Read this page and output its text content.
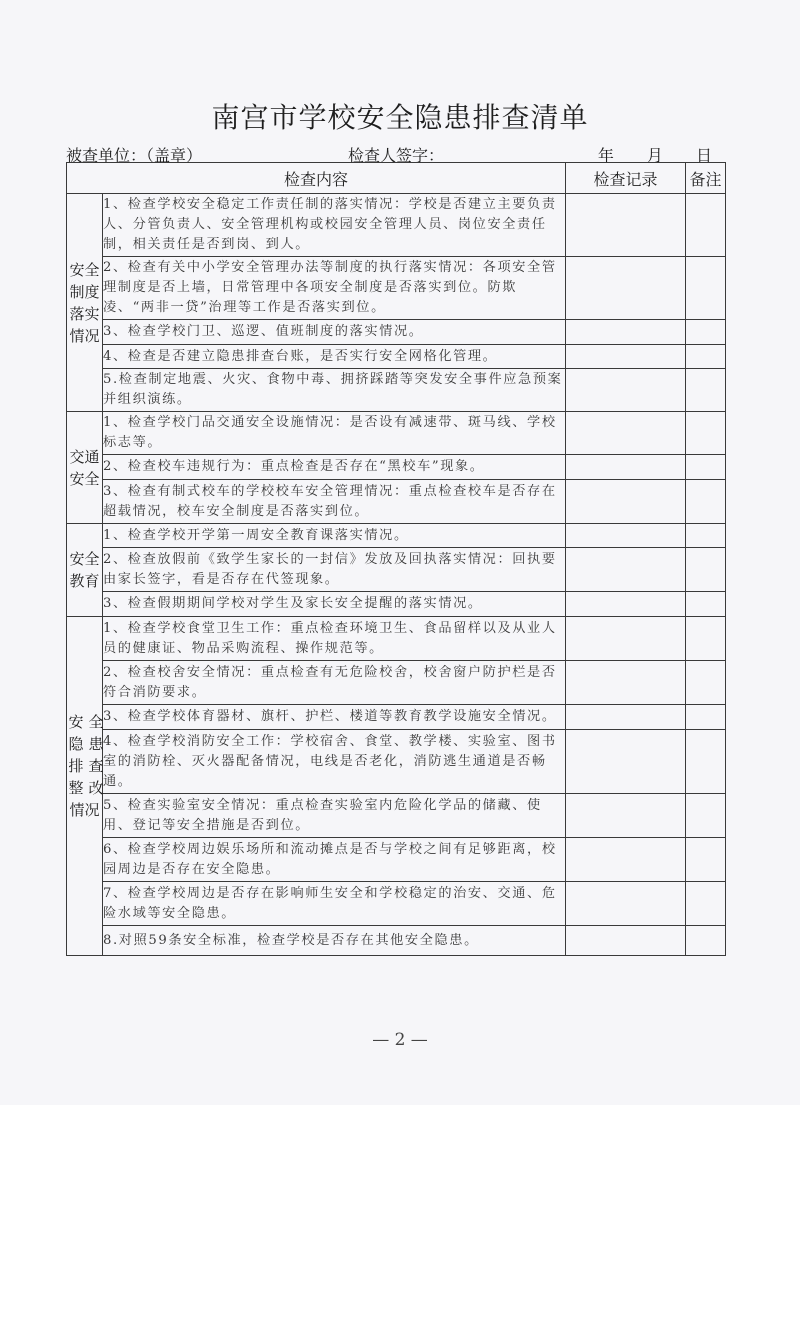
南宫市学校安全隐患排查清单
被查单位：（盖章）	检查人签字：	年 月 日
检查内容		检查记录	备注

安全
制度
落实
情况	1、检查学校安全稳定工作责任制的落实情况：学校是否建立主要负责人、分管负责人、安全管理机构或校园安全管理人员、岗位安全责任制，相关责任是否到岗、到人。		
	2、检查有关中小学安全管理办法等制度的执行落实情况：各项安全管理制度是否上墙，日常管理中各项安全制度是否落实到位。防欺凌、“两非一贷”治理等工作是否落实到位。		
	3、检查学校门卫、巡逻、值班制度的落实情况。		
	4、检查是否建立隐患排查台账，是否实行安全网格化管理。		
	5.检查制定地震、火灾、食物中毒、拥挤踩踏等突发安全事件应急预案并组织演练。		

交通
安全	1、检查学校门品交通安全设施情况：是否设有减速带、斑马线、学校标志等。		
	2、检查校车违规行为：重点检查是否存在“黑校车”现象。		
	3、检查有制式校车的学校校车安全管理情况：重点检查校车是否存在超载情况，校车安全制度是否落实到位。		

安全
教育	1、检查学校开学第一周安全教育课落实情况。		
	2、检查放假前《致学生家长的一封信》发放及回执落实情况：回执要由家长签字，看是否存在代签现象。		
	3、检查假期期间学校对学生及家长安全提醒的落实情况。		

安 全
隐 患
排 查
整 改
情况
	1、检查学校食堂卫生工作：重点检查环境卫生、食品留样以及从业人员的健康证、物品采购流程、操作规范等。		
	2、检查校舍安全情况：重点检查有无危险校舍，校舍窗户防护栏是否符合消防要求。		
	3、检查学校体育器材、旗杆、护栏、楼道等教育教学设施安全情况。		
	4、检查学校消防安全工作：学校宿舍、食堂、教学楼、实验室、图书室的消防栓、灭火器配备情况，电线是否老化，消防逃生通道是否畅通。		
	5、检查实验室安全情况：重点检查实验室内危险化学品的储藏、使用、登记等安全措施是否到位。		
	6、检查学校周边娱乐场所和流动摊点是否与学校之间有足够距离，校园周边是否存在安全隐患。		
	7、检查学校周边是否存在影响师生安全和学校稳定的治安、交通、危险水域等安全隐患。		
	8.对照59条安全标准，检查学校是否存在其他安全隐患。		
— 2 —
